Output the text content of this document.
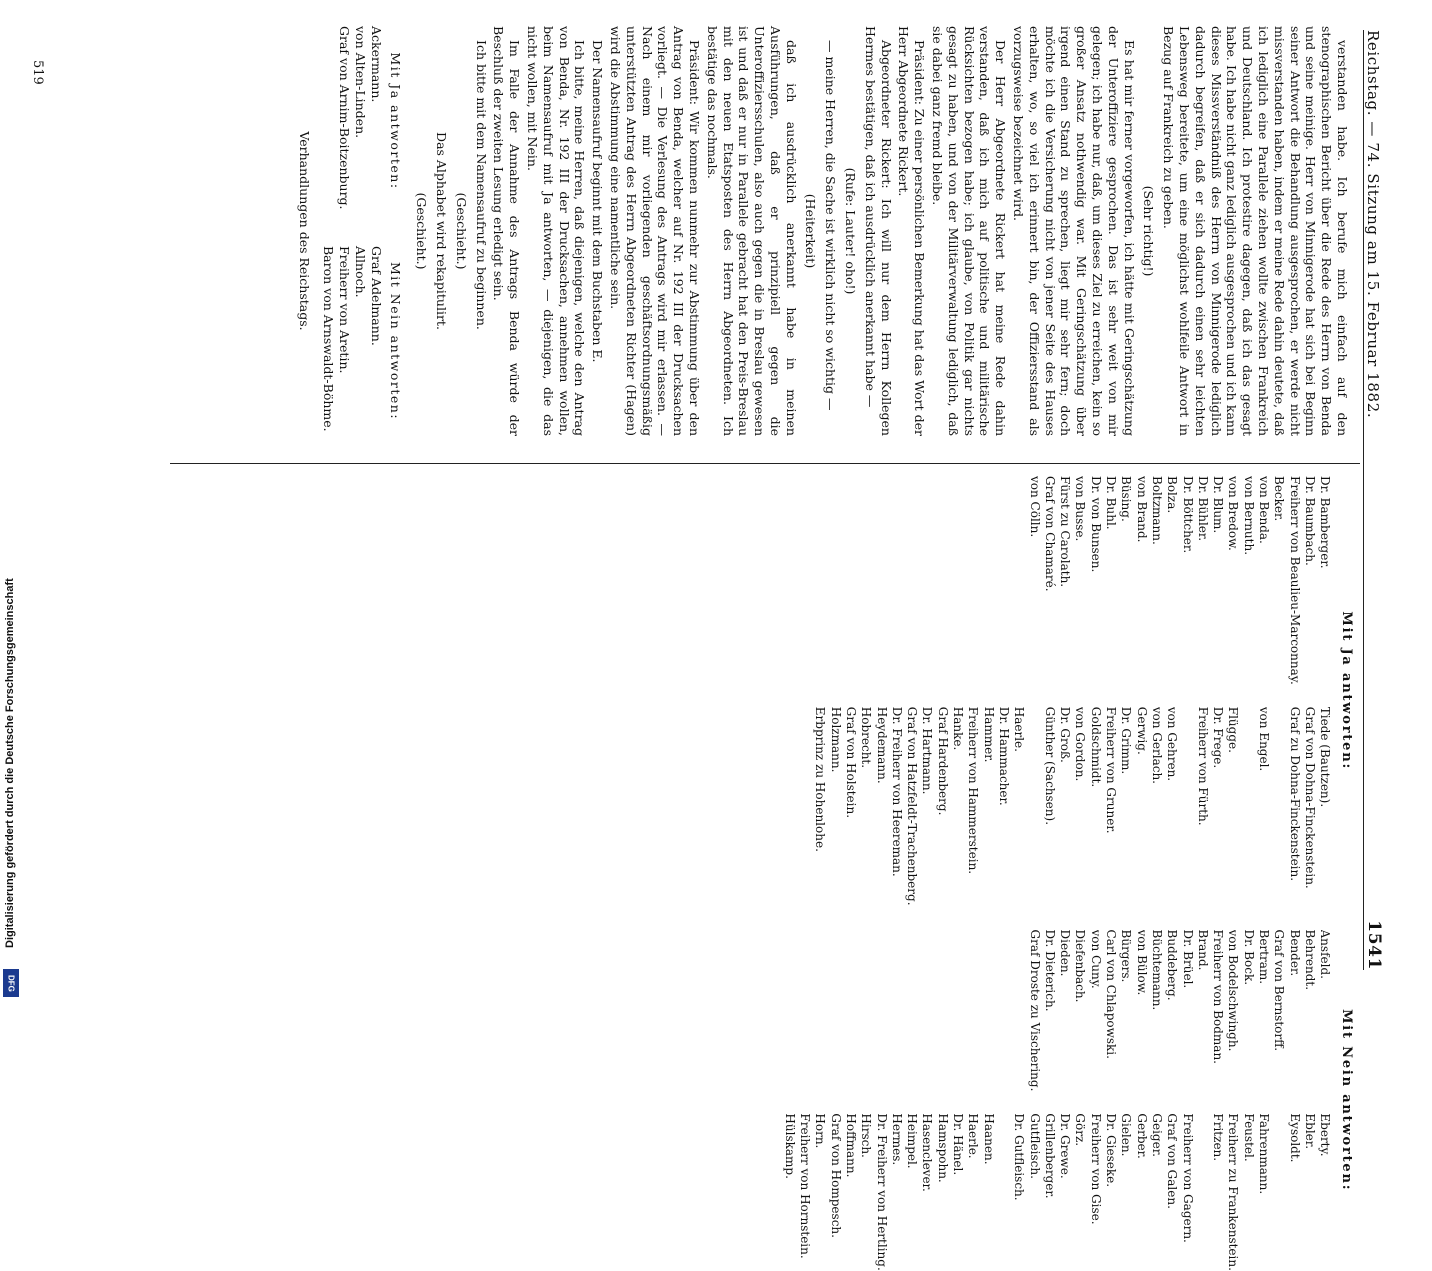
Reichstag. — 74. Sitzung am 15. Februar 1882.
1541

verstanden habe. Ich berufe mich einfach auf den stenographischen Bericht über die Rede des Herrn von Benda und seine meinige. Herr von Minnigerode hat sich bei Beginn seiner Antwort die Behandlung ausgesprochen, er werde nicht missverstanden haben, indem er meine Rede dahin deutete, daß ich lediglich eine Parallele ziehen wollte zwischen Frankreich und Deutschland. Ich protestire dagegen, daß ich das gesagt habe. Ich habe nicht ganz lediglich ausgesprochen und ich kann dieses Missverständniß des Herrn von Minnigerode lediglich dadurch begreifen, daß er sich dadurch einen sehr leichten Lebensweg bereitete, um eine möglichst wohlfeile Antwort in Bezug auf Frankreich zu geben.

(Sehr richtig!)

Es hat mir ferner vorgeworfen, ich hätte mit Geringschätzung der Unteroffiziere gesprochen. Das ist sehr weit von mir gelegen; ich habe nur, daß, um dieses Ziel zu erreichen, kein so großer Ansatz nothwendig war. Mit Geringschätzung über irgend einen Stand zu sprechen, liegt mir sehr fern; doch möchte ich die Versicherung nicht von jener Seite des Hauses erhalten, wo, so viel ich erinnert bin, der Offiziersstand als vorzugsweise bezeichnet wird.

Der Herr Abgeordnete Rickert hat meine Rede dahin verstanden, daß ich mich auf politische und militärische Rücksichten bezogen habe; ich glaube, von Politik gar nichts gesagt zu haben, und von der Militärverwaltung lediglich, daß sie dabei ganz fremd bleibe.

Präsident: Zu einer persönlichen Bemerkung hat das Wort der Herr Abgeordnete Rickert.

Abgeordneter Rickert: Ich will nur dem Herrn Kollegen Hermes bestätigen, daß ich ausdrücklich anerkannt habe —

(Rufe: Lauter! oho!)

— meine Herren, die Sache ist wirklich nicht so wichtig —

(Heiterkeit)

daß ich ausdrücklich anerkannt habe in meinen Ausführungen, daß er prinzipiell gegen die Unteroffiziersschulen, also auch gegen die in Breslau gewesen ist und daß er nur in Parallele gebracht hat den Preis-Breslau mit den neuen Etatsposten des Herrn Abgeordneten. Ich bestätige das nochmals.

Präsident: Wir kommen nunmehr zur Abstimmung über den Antrag von Benda, welcher auf Nr. 192 III der Drucksachen vorliegt. — Die Verlesung des Antrags wird mir erlassen. — Nach einem mir vorliegenden geschäftsordnungsmäßig unterstützten Antrag des Herrn Abgeordneten Richter (Hagen) wird die Abstimmung eine namentliche sein.

Der Namensaufruf beginnt mit dem Buchstaben E.

Ich bitte, meine Herren, daß diejenigen, welche den Antrag von Benda, Nr. 192 III der Drucksachen, annehmen wollen, beim Namensaufruf mit Ja antworten, — diejenigen, die das nicht wollen, mit Nein.

Im Falle der Annahme des Antrags Benda würde der Beschluß der zweiten Lesung erledigt sein.

Ich bitte mit dem Namensaufruf zu beginnen.

(Geschieht.)

Das Alphabet wird rekapitulirt.

(Geschieht.)

Mit Ja antworten:
Ackermann.
von Alten-Linden.
Graf von Arnim-Boitzenburg.
Mit Nein antworten:
Graf Adelmann.
Allnoch.
Freiherr von Aretin.
Baron von Arnswaldt-Böhme.
Verhandlungen des Reichstags.
Mit Ja antworten:
Dr. Bamberger.
Dr. Baumbach.
Freiherr von Beaulieu-Marconnay.
Becker.
von Benda.
von Bernuth.
von Bredow.
Dr. Blum.
Dr. Bühler.
Dr. Böttcher.
Bolza.
Boltzmann.
von Brand.
Büsing.
Dr. Buhl.
Dr. von Bunsen.
von Busse.
Fürst zu Carolath.
Graf von Chamaré.
von Cölln.
Tiede (Bautzen).
Graf von Dohna-Finckenstein.
Graf zu Dohna-Finckenstein.

von Engel.

Flügge.
Dr. Frege.
Freiherr von Fürth.

von Gehren.
von Gerlach.
Gerwig.
Dr. Grimm.
Freiherr von Gruner.
Goldschmidt.
von Gordon.
Dr. Groß.
Günther (Sachsen).

Haerle.
Dr. Hammacher.
Hammer.
Freiherr von Hammerstein.
Hanke.
Graf Hardenberg.
Dr. Hartmann.
Graf von Hatzfeldt-Trachenberg.
Dr. Freiherr von Heereman.
Heydemann.
Hobrecht.
Graf von Holstein.
Holzmann.
Erbprinz zu Hohenlohe.
Mit Nein antworten:
Ansfeld.
Behrendt.
Bender.
Graf von Bernstorff.
Bertram.
Dr. Bock.
von Bodelschwingh.
Freiherr von Bodman.
Brand.
Dr. Brüel.
Buddeberg.
Büchtemann.
von Bülow.
Bürgers.
Carl von Chlapowski.
von Cuny.
Diefenbach.
Dieden.
Dr. Dieterich.
Graf Droste zu Vischering.
Eberty.
Ebler.
Eysoldt.

Fahrenmann.
Feustel.
Freiherr zu Frankenstein.
Fritzen.

Freiherr von Gagern.
Graf von Galen.
Geiger.
Gerber.
Gielen.
Dr. Gieseke.
Freiherr von Gise.
Görz.
Dr. Grewe.
Grillenberger.
Gutfleisch.
Dr. Gutfleisch.

Haanen.
Haerle.
Dr. Hänel.
Hamspohn.
Hasenclever.
Heimpel.
Hermes.
Dr. Freiherr von Hertling.
Hirsch.
Hoffmann.
Graf von Hompesch.
Horn.
Freiherr von Hornstein.
Hülskamp.
519
Digitalisierung gefördert durch die Deutsche Forschungsgemeinschaft
DFG
